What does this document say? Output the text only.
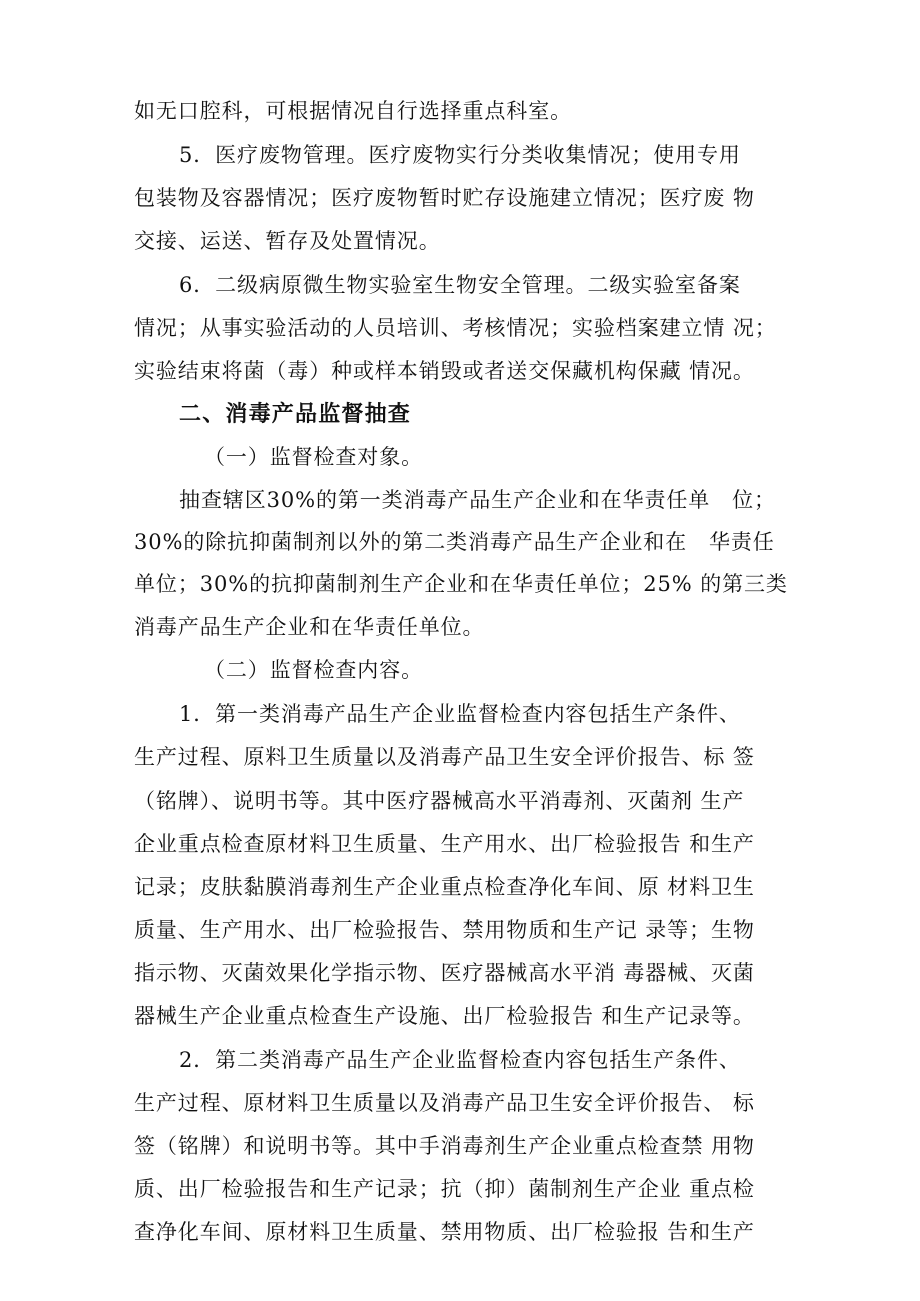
如无口腔科，可根据情况自行选择重点科室。
5．医疗废物管理。医疗废物实行分类收集情况；使用专用
包装物及容器情况；医疗废物暂时贮存设施建立情况；医疗废 物
交接、运送、暂存及处置情况。
6．二级病原微生物实验室生物安全管理。二级实验室备案
情况；从事实验活动的人员培训、考核情况；实验档案建立情 况；
实验结束将菌（毒）种或样本销毁或者送交保藏机构保藏 情况。
二、消毒产品监督抽查
（一）监督检查对象。
抽查辖区30%的第一类消毒产品生产企业和在华责任单　位；
30%的除抗抑菌制剂以外的第二类消毒产品生产企业和在　华责任
单位；30%的抗抑菌制剂生产企业和在华责任单位；25% 的第三类
消毒产品生产企业和在华责任单位。
（二）监督检查内容。
1．第一类消毒产品生产企业监督检查内容包括生产条件、
生产过程、原料卫生质量以及消毒产品卫生安全评价报告、标 签
（铭牌）、说明书等。其中医疗器械高水平消毒剂、灭菌剂 生产
企业重点检查原材料卫生质量、生产用水、出厂检验报告 和生产
记录；皮肤黏膜消毒剂生产企业重点检查净化车间、原 材料卫生
质量、生产用水、出厂检验报告、禁用物质和生产记 录等；生物
指示物、灭菌效果化学指示物、医疗器械高水平消 毒器械、灭菌
器械生产企业重点检查生产设施、出厂检验报告 和生产记录等。
2．第二类消毒产品生产企业监督检查内容包括生产条件、
生产过程、原材料卫生质量以及消毒产品卫生安全评价报告、 标
签（铭牌）和说明书等。其中手消毒剂生产企业重点检查禁 用物
质、出厂检验报告和生产记录；抗（抑）菌制剂生产企业 重点检
查净化车间、原材料卫生质量、禁用物质、出厂检验报 告和生产
